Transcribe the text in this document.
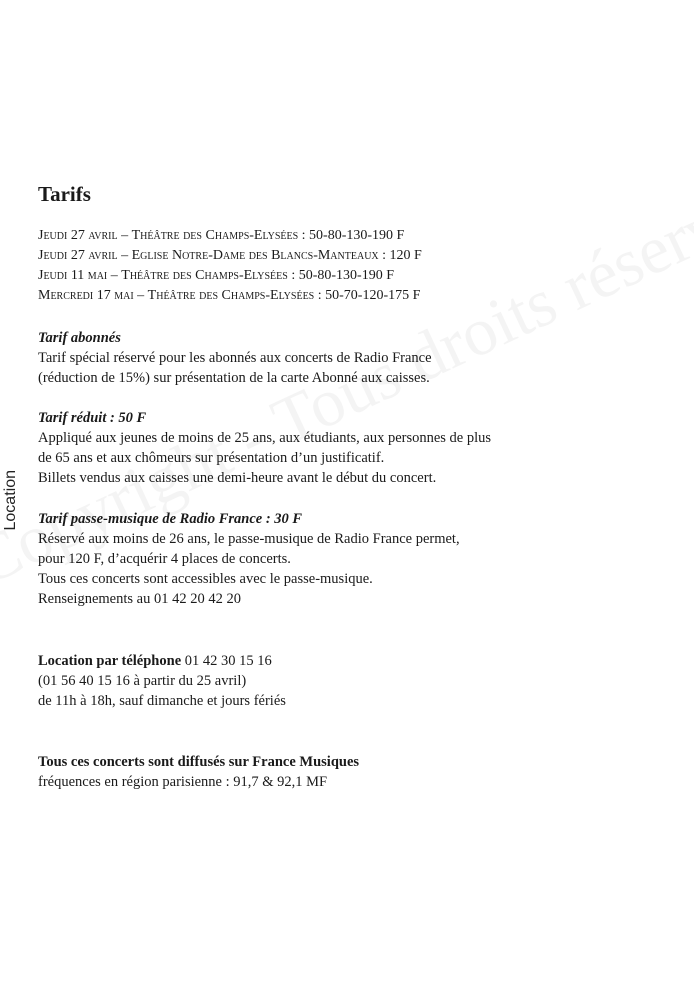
Location
Tarifs
Jeudi 27 avril – Théâtre des Champs-Elysées : 50-80-130-190 F
Jeudi 27 avril – Eglise Notre-Dame des Blancs-Manteaux : 120 F
Jeudi 11 mai – Théâtre des Champs-Elysées : 50-80-130-190 F
Mercredi 17 mai – Théâtre des Champs-Elysées : 50-70-120-175 F
Tarif abonnés
Tarif spécial réservé pour les abonnés aux concerts de Radio France
(réduction de 15%) sur présentation de la carte Abonné aux caisses.
Tarif réduit : 50 F
Appliqué aux jeunes de moins de 25 ans, aux étudiants, aux personnes de plus
de 65 ans et aux chômeurs sur présentation d’un justificatif.
Billets vendus aux caisses une demi-heure avant le début du concert.
Tarif passe-musique de Radio France : 30 F
Réservé aux moins de 26 ans, le passe-musique de Radio France permet,
pour 120 F, d’acquérir 4 places de concerts.
Tous ces concerts sont accessibles avec le passe-musique.
Renseignements au 01 42 20 42 20
Location par téléphone 01 42 30 15 16
(01 56 40 15 16 à partir du 25 avril)
de 11h à 18h, sauf dimanche et jours fériés
Tous ces concerts sont diffusés sur France Musiques
fréquences en région parisienne : 91,7 & 92,1 MF
